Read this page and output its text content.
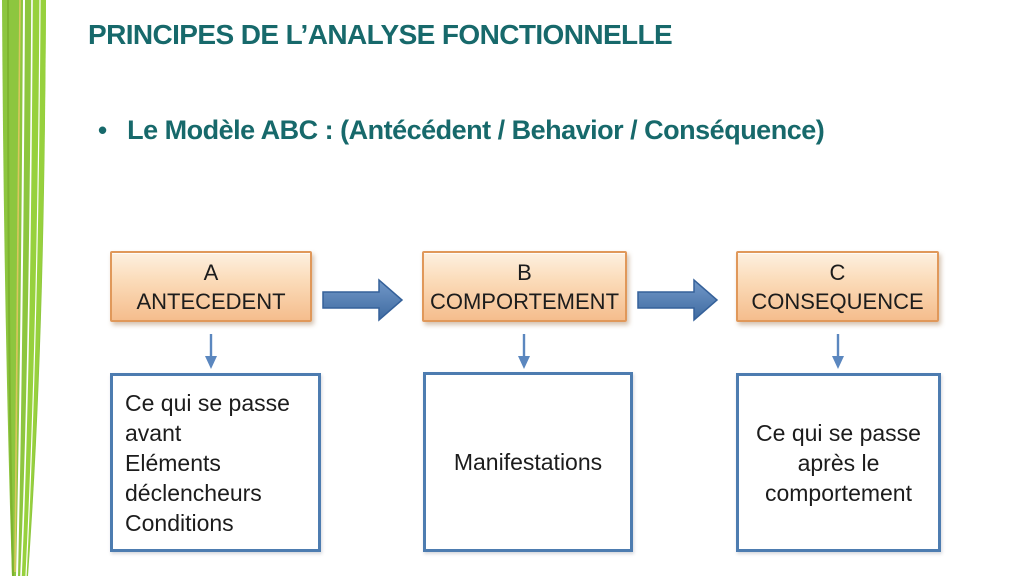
PRINCIPES DE L’ANALYSE FONCTIONNELLE
• Le Modèle ABC : (Antécédent / Behavior / Conséquence)
A
ANTECEDENT
B
COMPORTEMENT
C
CONSEQUENCE
Ce qui se passe
avant
Eléments
déclencheurs
Conditions
Manifestations
Ce qui se passe
après le
comportement
